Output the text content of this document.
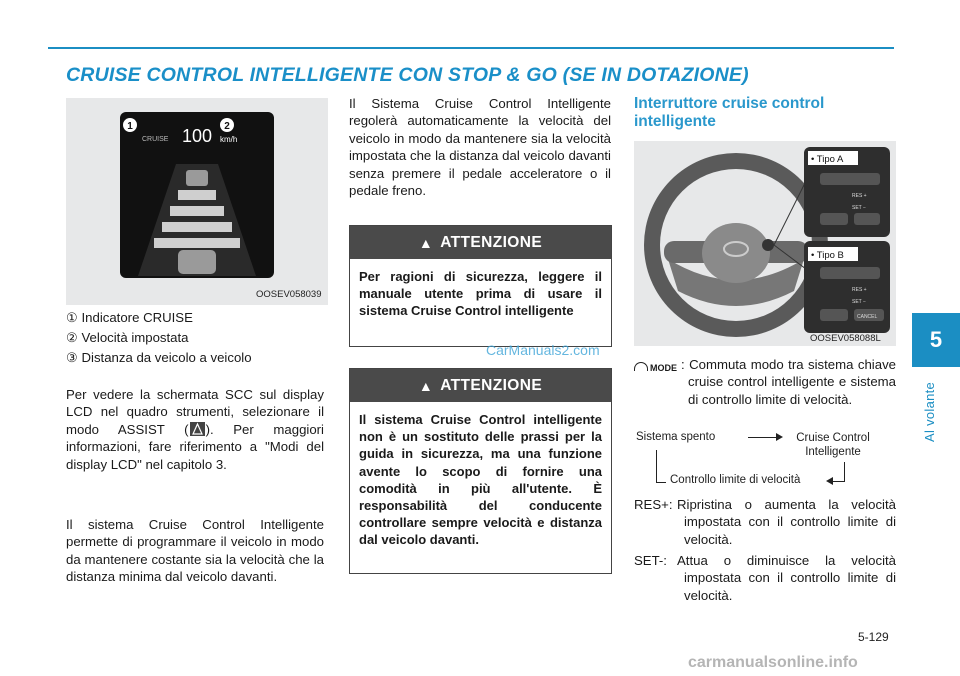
CRUISE CONTROL INTELLIGENTE CON STOP & GO (SE IN DOTAZIONE)
5
Al volante
1
CRUISE 100 km/h
2
OOSEV058039
① Indicatore CRUISE
② Velocità impostata
③ Distanza da veicolo a veicolo
Per vedere la schermata SCC sul display LCD nel quadro strumenti, selezionare il modo ASSIST ( ). Per maggiori informazioni, fare riferimento a "Modi del display LCD" nel capitolo 3.
Il sistema Cruise Control Intelligente permette di programmare il veicolo in modo da mantenere costante sia la velocità che la distanza minima dal veicolo davanti.
Il Sistema Cruise Control Intelligente regolerà automaticamente la velocità del veicolo in modo da mantenere sia la velocità impostata che la distanza dal veicolo davanti senza premere il pedale acceleratore o il pedale freno.
▲ ATTENZIONE
Per ragioni di sicurezza, leggere il manuale utente prima di usare il sistema Cruise Control intelligente
▲ ATTENZIONE
Il sistema Cruise Control intelligente non è un sostituto delle prassi per la guida in sicurezza, ma una funzione avente lo scopo di fornire una comodità in più all'utente. È responsabilità del conducente controllare sempre velocità e distanza dal veicolo davanti.
CarManuals2.com
Interruttore cruise control intelligente
• Tipo A
RES +
SET −
• Tipo B
RES +
SET −
CANCEL
OOSEV058088L
MODE : Commuta modo tra sistema chiave cruise control intelligente e sistema di controllo limite di velocità.
Sistema spento	Cruise Control Intelligente
Controllo limite di velocità
RES+: Ripristina o aumenta la velocità impostata con il controllo limite di velocità.
SET-: Attua o diminuisce la velocità impostata con il controllo limite di velocità.
5-129
carmanualsonline.info
